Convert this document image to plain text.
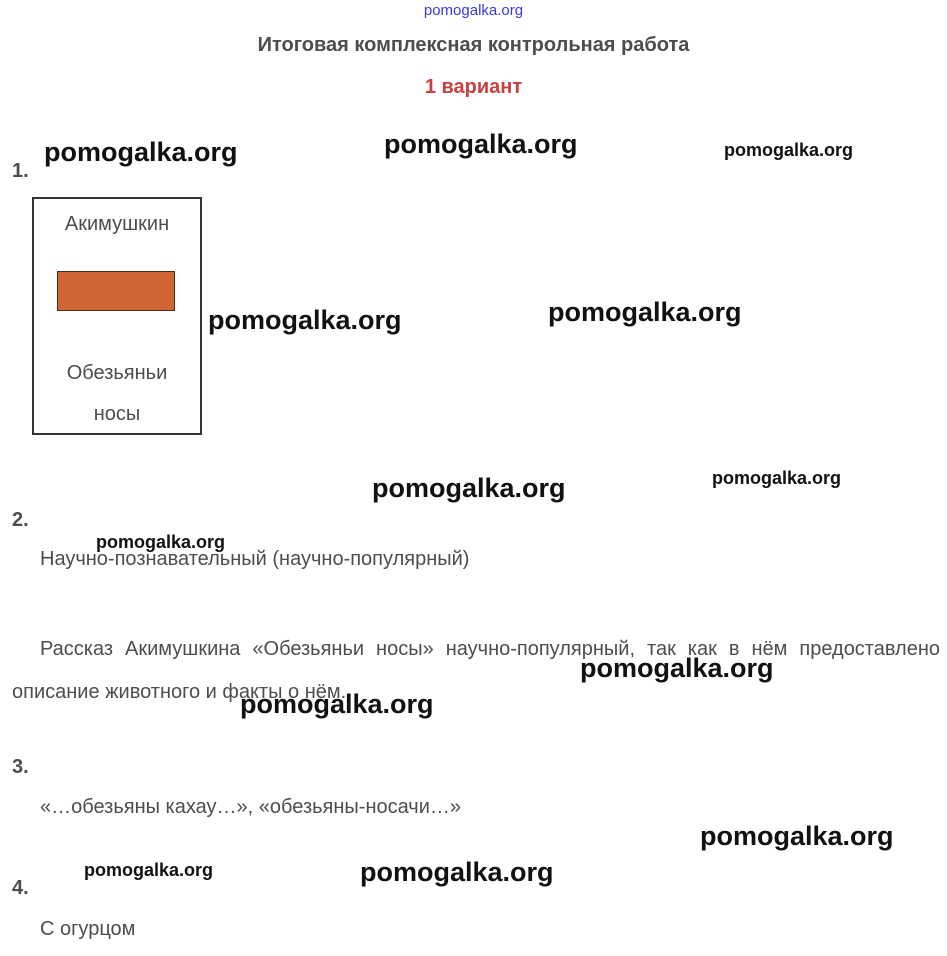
pomogalka.org
Итоговая комплексная контрольная работа
1 вариант
1.
Акимушкин
Обезьяньи
носы
2.
Научно-познавательный (научно-популярный)
Рассказ Акимушкина «Обезьяньи носы» научно-популярный, так как в нём предоставлено описание животного и факты о нём.
3.
«…обезьяны кахау…», «обезьяны-носачи…»
4.
С огурцом
pomogalka.org	pomogalka.org	pomogalka.org
pomogalka.org	pomogalka.org
pomogalka.org	pomogalka.org
pomogalka.org
pomogalka.org
pomogalka.org
pomogalka.org
pomogalka.org	pomogalka.org
